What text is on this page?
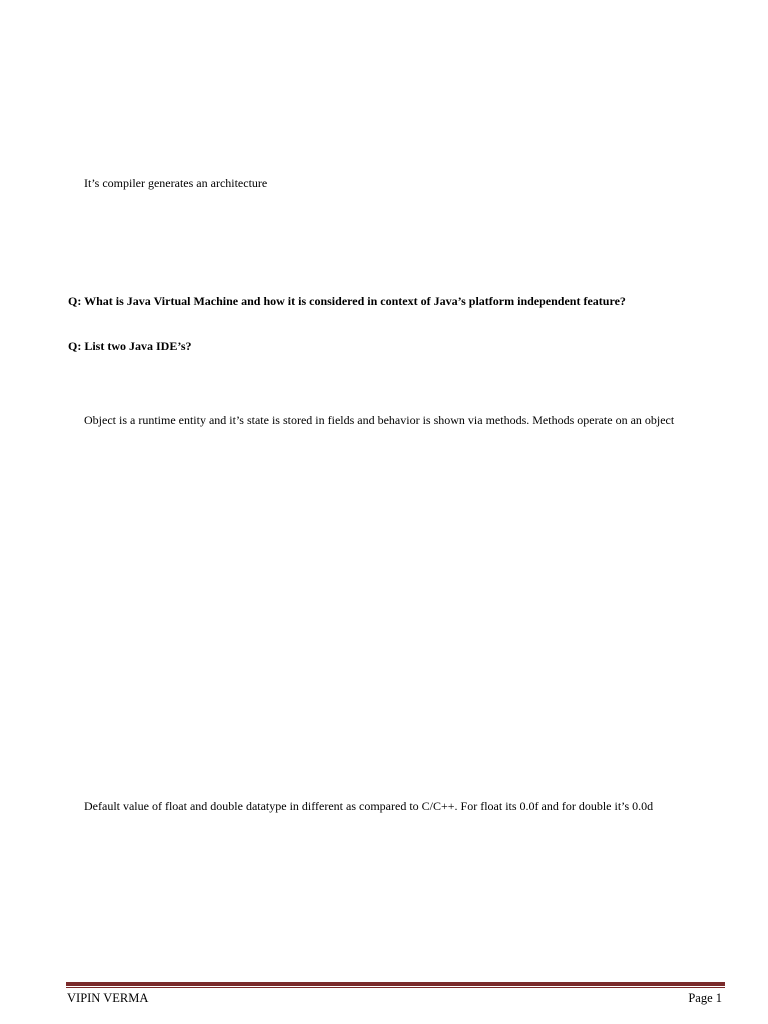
It’s compiler generates an architecture
Q: What is Java Virtual Machine and how it is considered in context of Java’s platform independent feature?
Q: List two Java IDE’s?
Object is a runtime entity and it’s state is stored in fields and behavior is shown via methods. Methods operate on an object
Default value of float and double datatype in different as compared to C/C++. For float its 0.0f and for double it’s 0.0d
VIPIN VERMA	Page 1
